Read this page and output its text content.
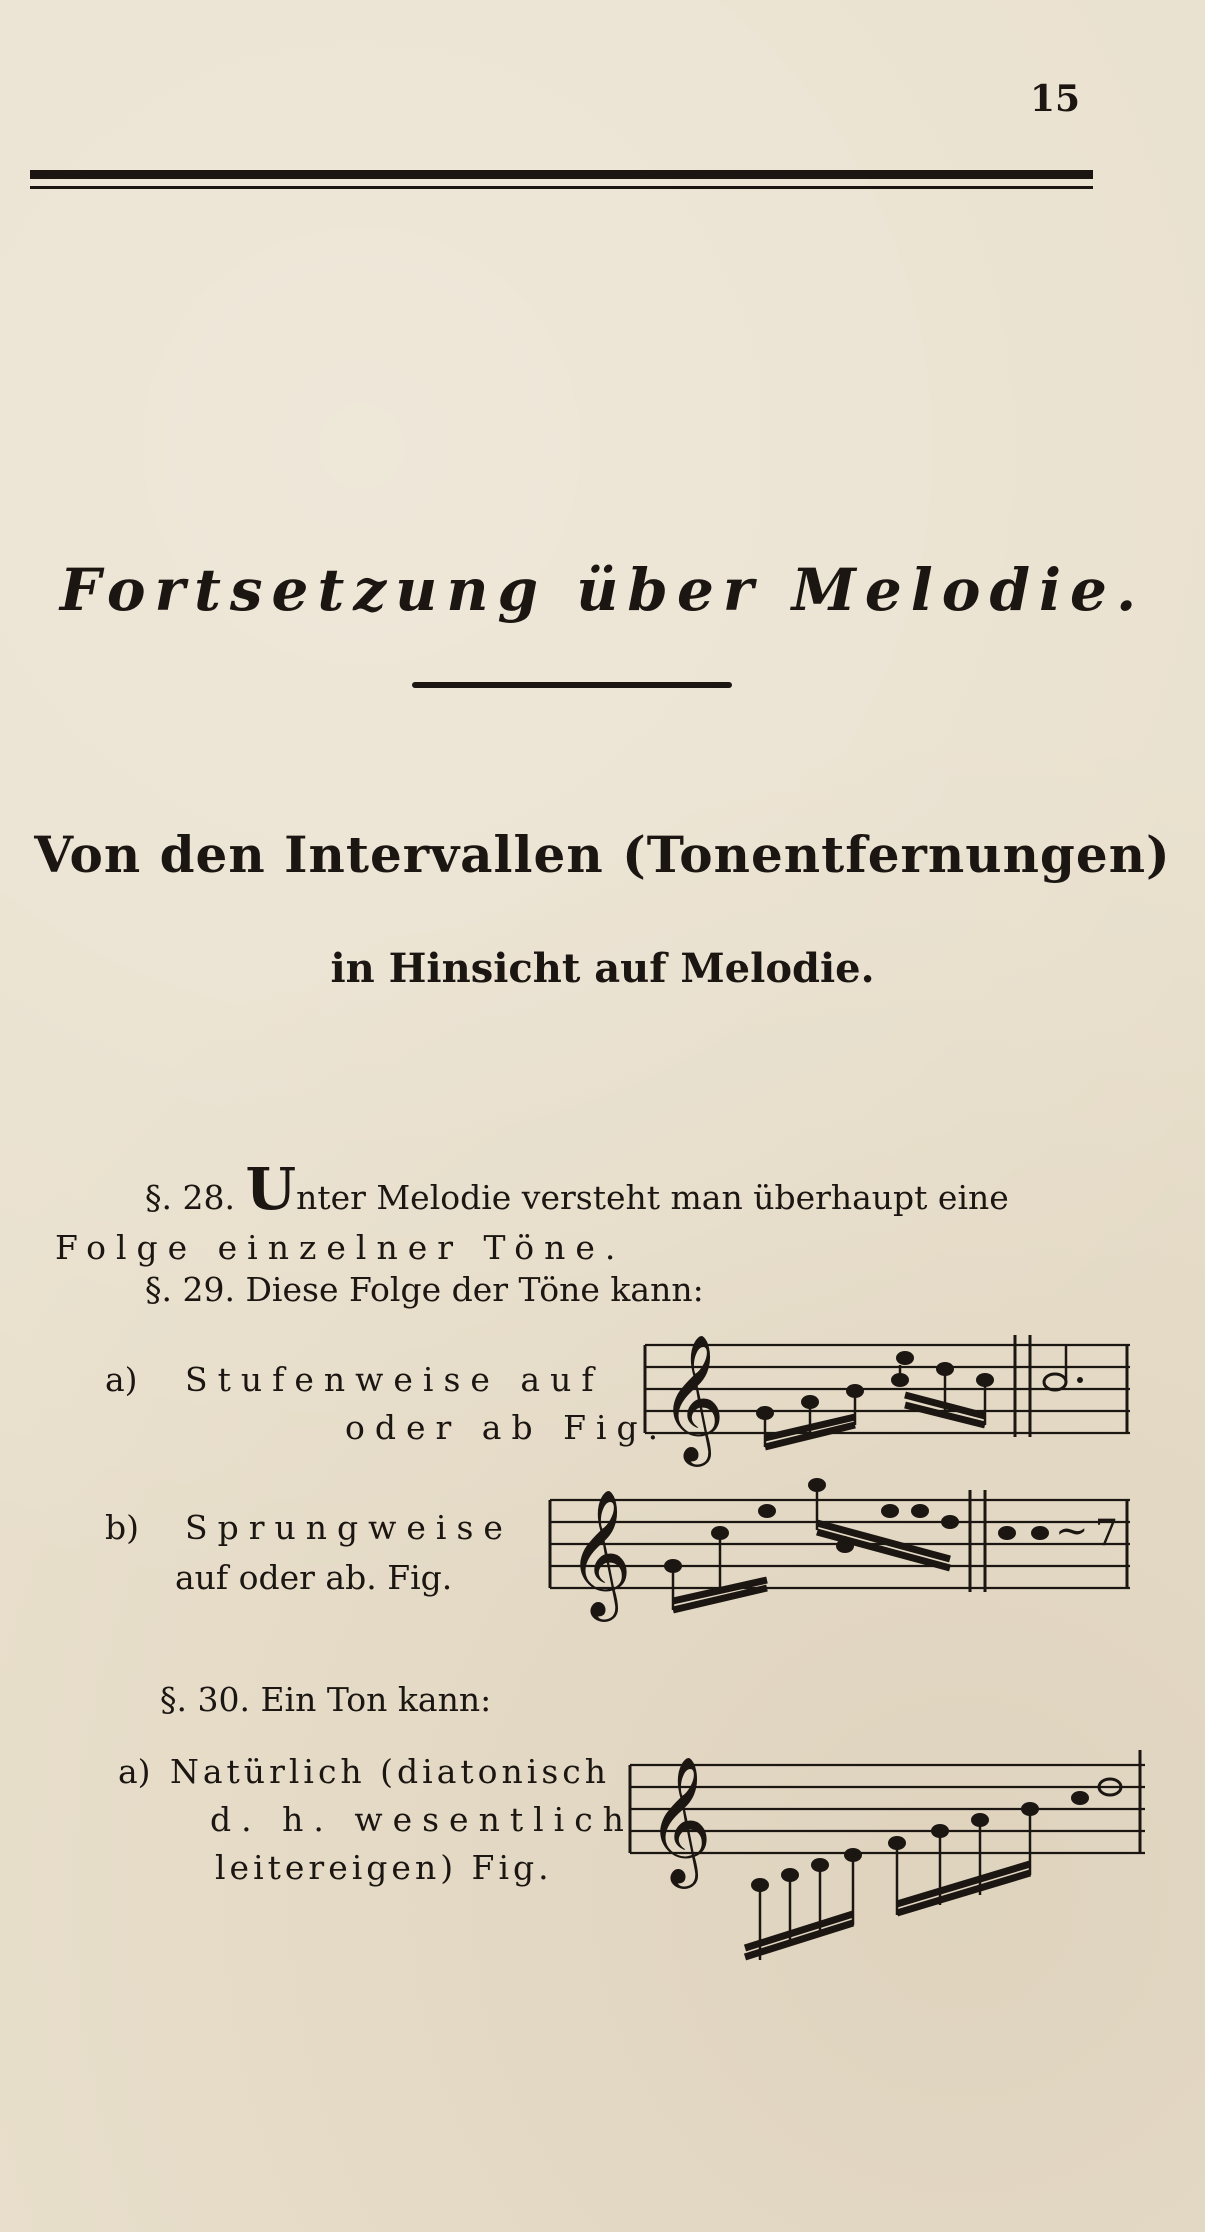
15
Fortsetzung über Melodie.
Von den Intervallen (Tonentfernungen)
in Hinsicht auf Melodie.
§. 28. Unter Melodie versteht man überhaupt eine
Folge einzelner Töne.
§. 29. Diese Folge der Töne kann:
a) Stufenweise auf
oder ab Fig.
b) Sprungweise
auf oder ab. Fig.
§. 30. Ein Ton kann:
a) Natürlich (diatonisch
d. h. wesentlich
leitereigen) Fig.
𝄞
𝄞	~ 7
𝄞
